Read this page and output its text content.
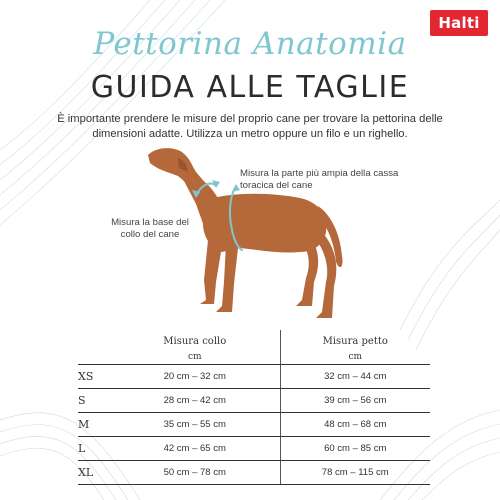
Halti
Pettorina Anatomia
GUIDA ALLE TAGLIE
È importante prendere le misure del proprio cane per trovare la pettorina delle dimensioni adatte. Utilizza un metro oppure un filo e un righello.
Misura la parte più ampia della cassa toracica del cane
Misura la base del collo del cane
	Misura collo	Misura petto
	cm	cm
XS	20 cm – 32 cm	32 cm – 44 cm
S	28 cm – 42 cm	39 cm – 56 cm
M	35 cm – 55 cm	48 cm – 68 cm
L	42 cm – 65 cm	60 cm – 85 cm
XL	50 cm – 78 cm	78 cm – 115 cm
